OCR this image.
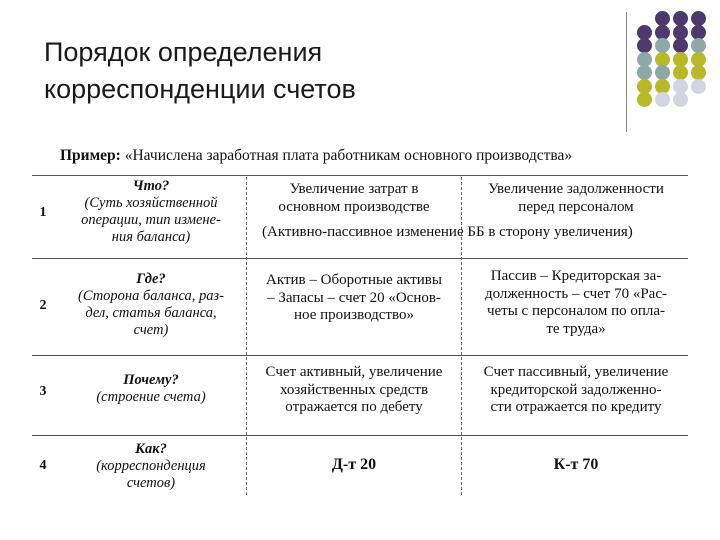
Порядок определения
корреспонденции счетов
Пример: «Начислена заработная плата работникам основного производства»
1
Что?
(Суть хозяйственной
операции, тип измене-
ния баланса)
Увеличение затрат в
основном производстве
Увеличение задолженности
перед персоналом
(Активно-пассивное изменение ББ в сторону увеличения)
2
Где?
(Сторона баланса, раз-
дел, статья баланса,
счет)
Актив – Оборотные активы
– Запасы – счет 20 «Основ-
ное производство»
Пассив – Кредиторская за-
долженность – счет 70 «Рас-
четы с персоналом по опла-
те труда»
3
Почему?
(строение счета)
Счет активный, увеличение
хозяйственных средств
отражается по дебету
Счет пассивный, увеличение
кредиторской задолженно-
сти отражается по кредиту
4
Как?
(корреспонденция
счетов)
Д-т 20	К-т 70
